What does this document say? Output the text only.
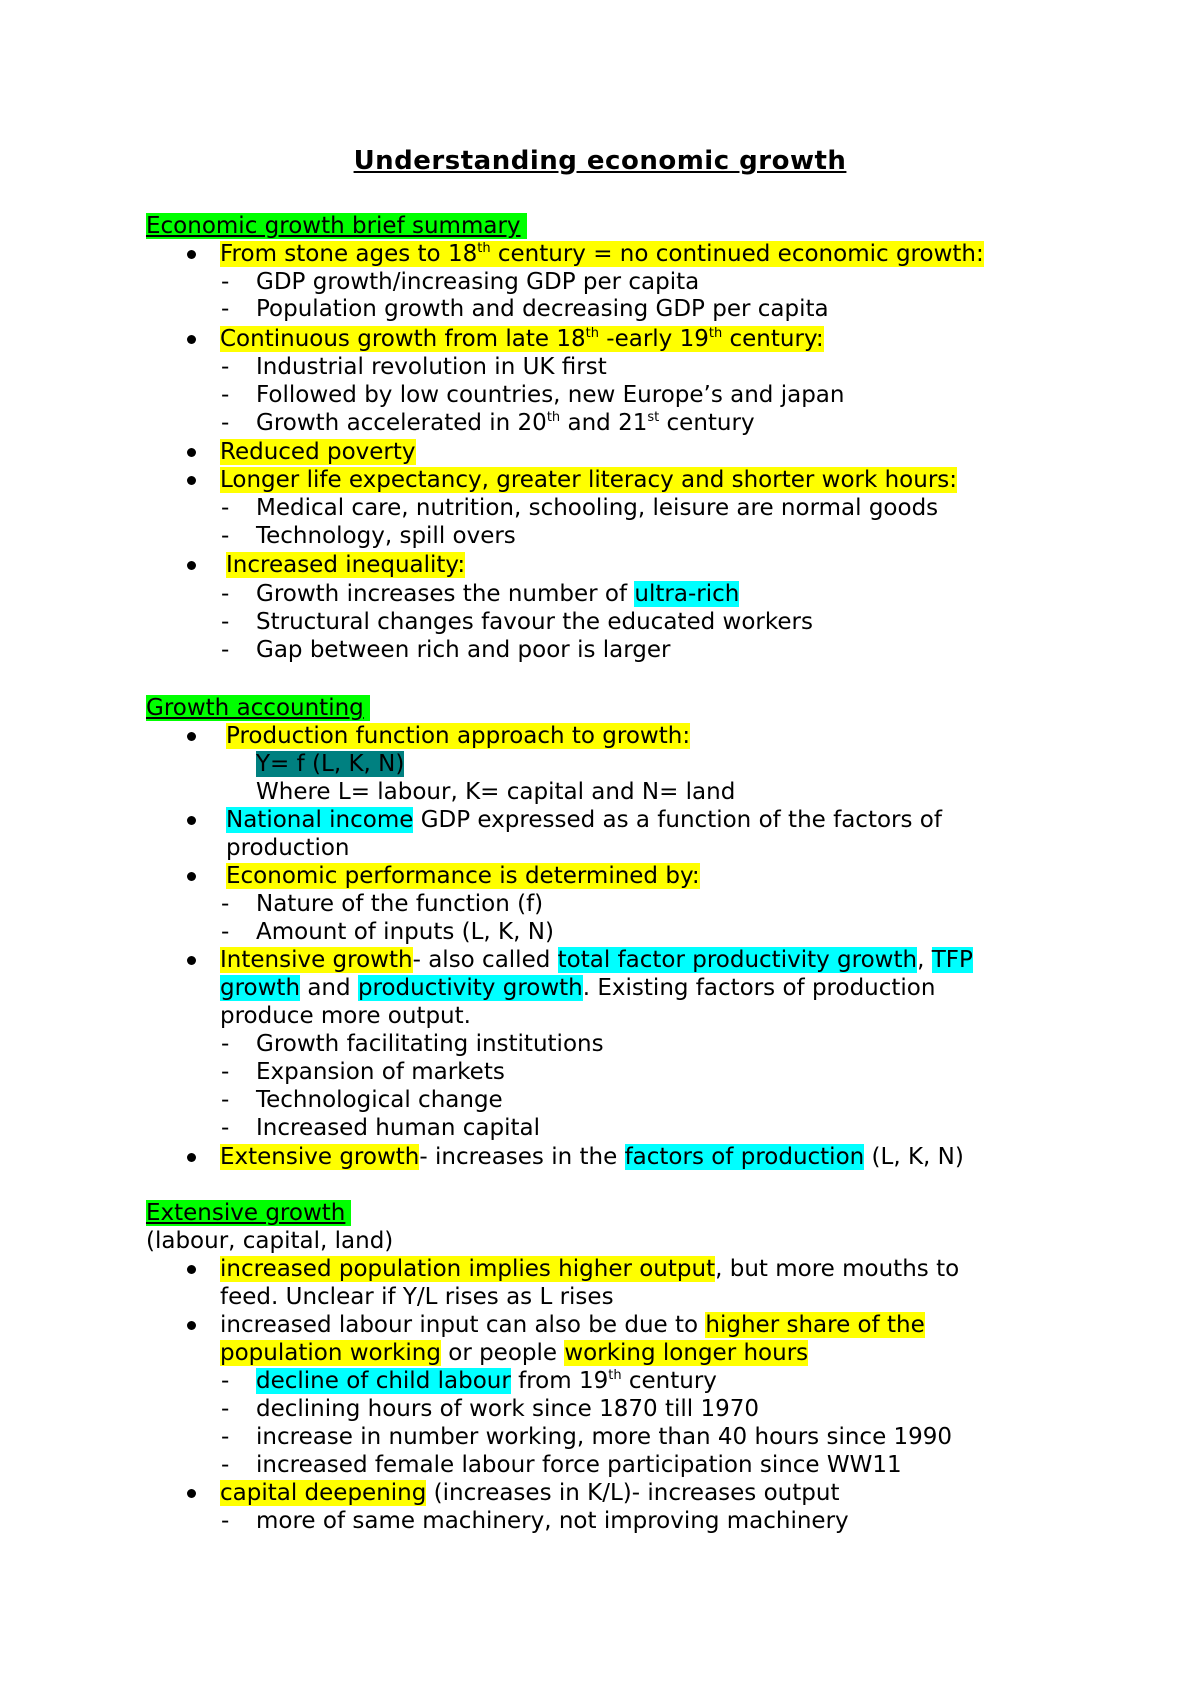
Understanding economic growth
Economic growth brief summary
From stone ages to 18th century = no continued economic growth:
- GDP growth/increasing GDP per capita
- Population growth and decreasing GDP per capita
Continuous growth from late 18th -early 19th century:
- Industrial revolution in UK first
- Followed by low countries, new Europe’s and japan
- Growth accelerated in 20th and 21st century
Reduced poverty
Longer life expectancy, greater literacy and shorter work hours:
- Medical care, nutrition, schooling, leisure are normal goods
- Technology, spill overs
Increased inequality:
- Growth increases the number of ultra-rich
- Structural changes favour the educated workers
- Gap between rich and poor is larger
Growth accounting
Production function approach to growth:
Y= f (L, K, N)
Where L= labour, K= capital and N= land
National income GDP expressed as a function of the factors of
production
Economic performance is determined by:
- Nature of the function (f)
- Amount of inputs (L, K, N)
Intensive growth- also called total factor productivity growth, TFP
growth and productivity growth. Existing factors of production
produce more output.
- Growth facilitating institutions
- Expansion of markets
- Technological change
- Increased human capital
Extensive growth- increases in the factors of production (L, K, N)
Extensive growth
(labour, capital, land)
increased population implies higher output, but more mouths to
feed. Unclear if Y/L rises as L rises
increased labour input can also be due to higher share of the
population working or people working longer hours
- decline of child labour from 19th century
- declining hours of work since 1870 till 1970
- increase in number working, more than 40 hours since 1990
- increased female labour force participation since WW11
capital deepening (increases in K/L)- increases output
- more of same machinery, not improving machinery
